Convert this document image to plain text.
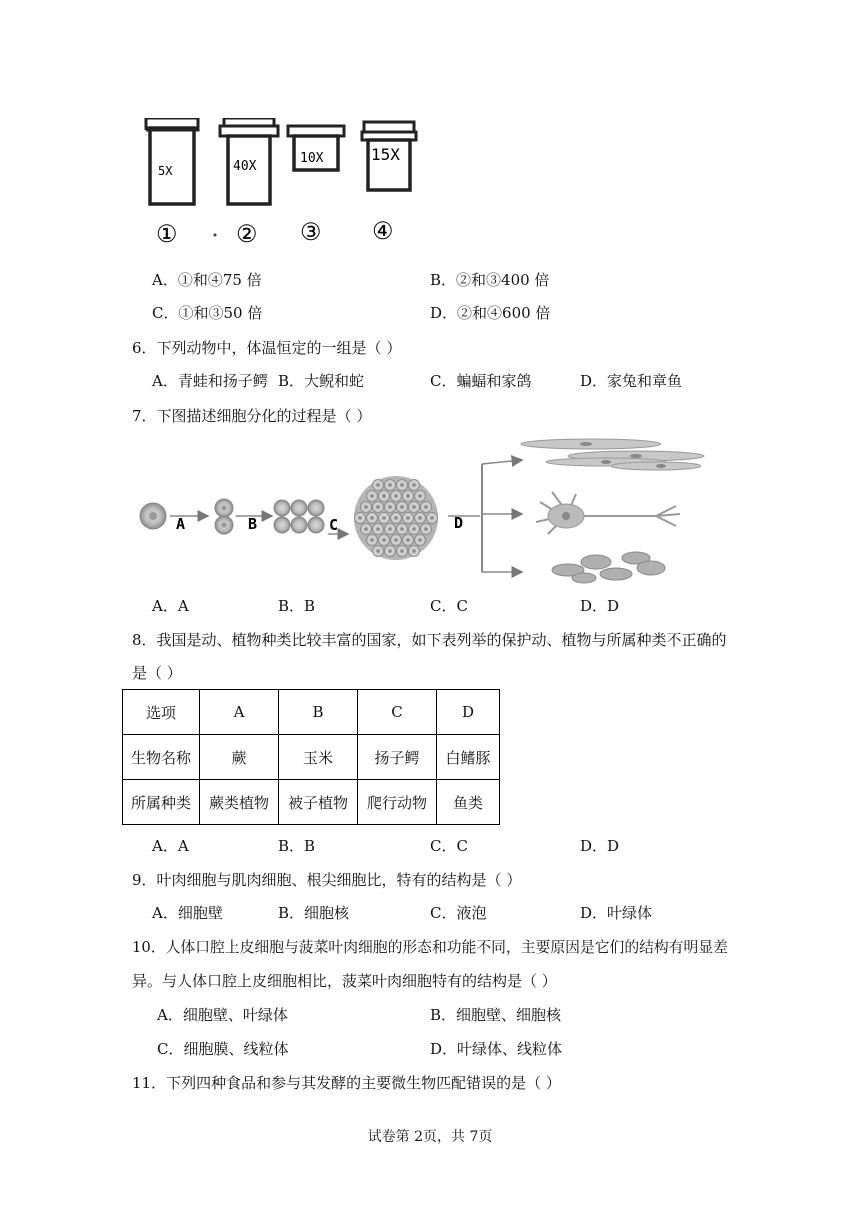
5X	40X
10X	15X
① ② ③ ④
A．①和④75 倍	B．②和③400 倍
C．①和③50 倍	D．②和④600 倍
6．下列动物中，体温恒定的一组是（ ）
A．青蛙和扬子鳄 B．大鲵和蛇	C．蝙蝠和家鸽	D．家兔和章鱼
7．下图描述细胞分化的过程是（ ）
A	B	C	D
A．A	B．B	C．C	D．D
8．我国是动、植物种类比较丰富的国家，如下表列举的保护动、植物与所属种类不正确的
是（ ）
选项	A	B	C	D
生物名称	蕨	玉米	扬子鳄	白鳍豚
所属种类	蕨类植物	被子植物	爬行动物	鱼类
A．A	B．B	C．C	D．D
9．叶肉细胞与肌肉细胞、根尖细胞比，特有的结构是（ ）
A．细胞壁	B．细胞核	C．液泡	D．叶绿体
10．人体口腔上皮细胞与菠菜叶肉细胞的形态和功能不同，主要原因是它们的结构有明显差
异。与人体口腔上皮细胞相比，菠菜叶肉细胞特有的结构是（ ）
A．细胞壁、叶绿体	B．细胞壁、细胞核
C．细胞膜、线粒体	D．叶绿体、线粒体
11．下列四种食品和参与其发酵的主要微生物匹配错误的是（ ）
试卷第 2页，共 7页
